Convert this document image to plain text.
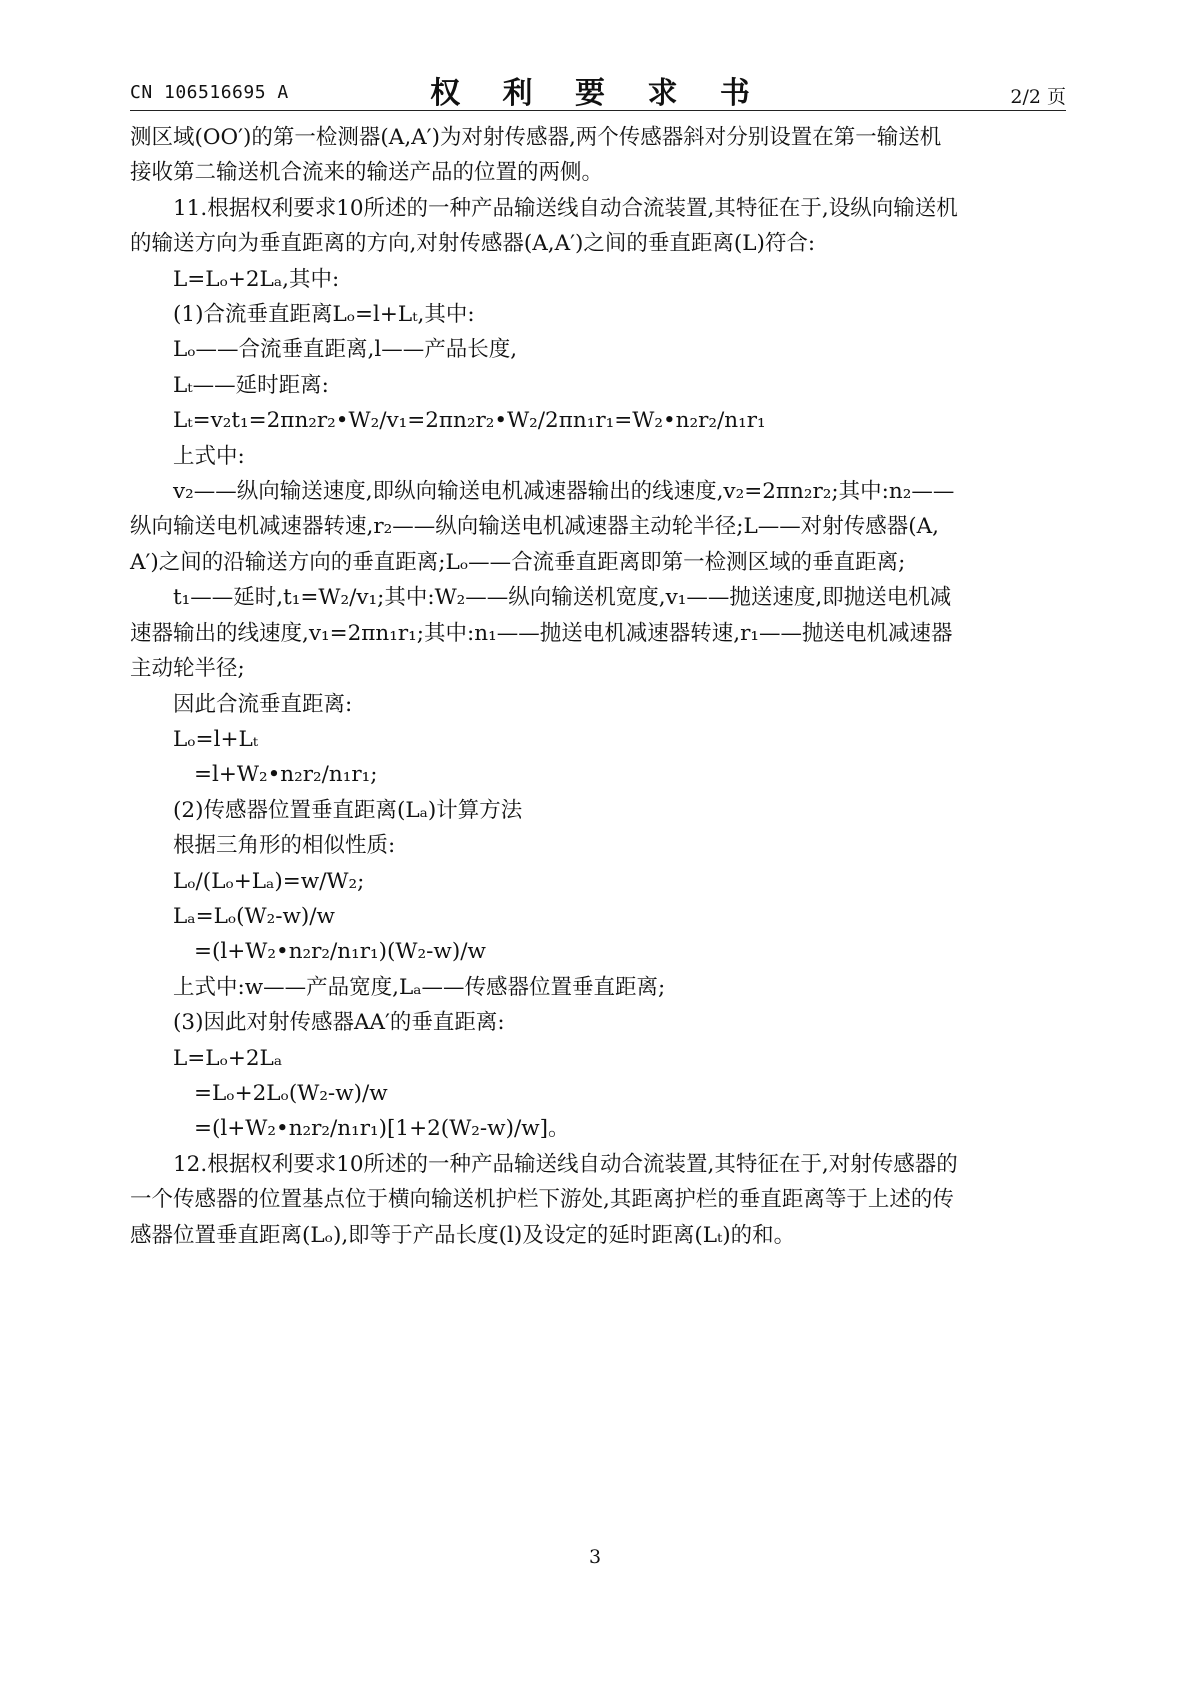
CN 106516695 A	权 利 要 求 书	2/2 页

测区域(OO′)的第一检测器(A,A′)为对射传感器,两个传感器斜对分别设置在第一输送机

接收第二输送机合流来的输送产品的位置的两侧。

11.根据权利要求10所述的一种产品输送线自动合流装置,其特征在于,设纵向输送机

的输送方向为垂直距离的方向,对射传感器(A,A′)之间的垂直距离(L)符合:

L=Lₒ+2Lₐ,其中:

(1)合流垂直距离Lₒ=l+Lₜ,其中:

Lₒ——合流垂直距离,l——产品长度,

Lₜ——延时距离:

Lₜ=v₂t₁=2πn₂r₂•W₂/v₁=2πn₂r₂•W₂/2πn₁r₁=W₂•n₂r₂/n₁r₁

上式中:

v₂——纵向输送速度,即纵向输送电机减速器输出的线速度,v₂=2πn₂r₂;其中:n₂——

纵向输送电机减速器转速,r₂——纵向输送电机减速器主动轮半径;L——对射传感器(A,

A′)之间的沿输送方向的垂直距离;Lₒ——合流垂直距离即第一检测区域的垂直距离;

t₁——延时,t₁=W₂/v₁;其中:W₂——纵向输送机宽度,v₁——抛送速度,即抛送电机减

速器输出的线速度,v₁=2πn₁r₁;其中:n₁——抛送电机减速器转速,r₁——抛送电机减速器

主动轮半径;

因此合流垂直距离:

Lₒ=l+Lₜ

=l+W₂•n₂r₂/n₁r₁;

(2)传感器位置垂直距离(Lₐ)计算方法

根据三角形的相似性质:

Lₒ/(Lₒ+Lₐ)=w/W₂;

Lₐ=Lₒ(W₂-w)/w

=(l+W₂•n₂r₂/n₁r₁)(W₂-w)/w

上式中:w——产品宽度,Lₐ——传感器位置垂直距离;

(3)因此对射传感器AA′的垂直距离:

L=Lₒ+2Lₐ

=Lₒ+2Lₒ(W₂-w)/w

=(l+W₂•n₂r₂/n₁r₁)[1+2(W₂-w)/w]。

12.根据权利要求10所述的一种产品输送线自动合流装置,其特征在于,对射传感器的

一个传感器的位置基点位于横向输送机护栏下游处,其距离护栏的垂直距离等于上述的传

感器位置垂直距离(Lₒ),即等于产品长度(l)及设定的延时距离(Lₜ)的和。

3
